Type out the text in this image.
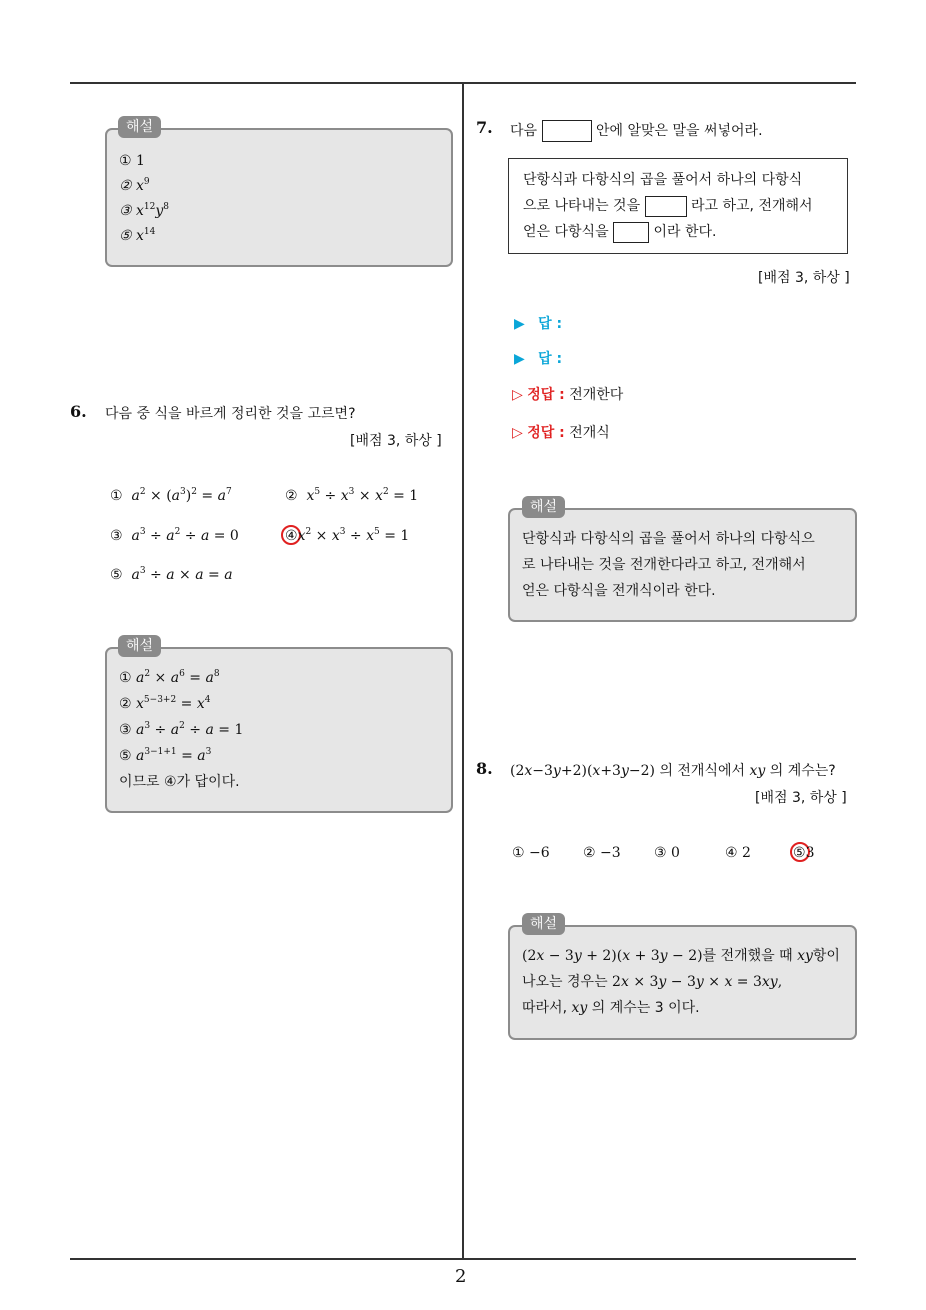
2
① 1
② $x^9$
③ $x^{12}y^8$
⑤ $x^{14}$
해설
6. 다음 중 식을 바르게 정리한 것을 고르면?
[배점 3, 하상 ]
① $a^2 \times (a^3)^2 = a^7$	② $x^5 \div x^3 \times x^2 = 1$
③ $a^3 \div a^2 \div a = 0$	$④x^2 \times x^3 \div x^5 = 1$
⑤ $a^3 \div a \times a = a$
① $a^2 \times a^6 = a^8$
② $x^{5-3+2} = x^4$
③ $a^3 \div a^2 \div a = 1$
⑤ $a^{3-1+1} = a^3$
이므로 ④가 답이다.
해설
7. 다음	안에 알맞은 말을 써넣어라.
단항식과 다항식의 곱을 풀어서 하나의 다항식
으로 나타내는 것을	라고 하고, 전개해서
얻은 다항식을	이라 한다.
[배점 3, 하상 ]
▶ 답 :
▶ 답 :
▷ 정답 : 전개한다
▷ 정답 : 전개식
단항식과 다항식의 곱을 풀어서 하나의 다항식으
로 나타내는 것을 전개한다라고 하고, 전개해서
얻은 다항식을 전개식이라 한다.
해설
8. (2x−3y+2)(x+3y−2) 의 전개식에서 xy 의 계수는?
[배점 3, 하상 ]
① −6 ② −3 ③ 0	④ 2	⑤3
(2x − 3y + 2)(x + 3y − 2)를 전개했을 때 xy항이
나오는 경우는 2x × 3y − 3y × x = 3xy,
따라서, xy 의 계수는 3 이다.
해설
